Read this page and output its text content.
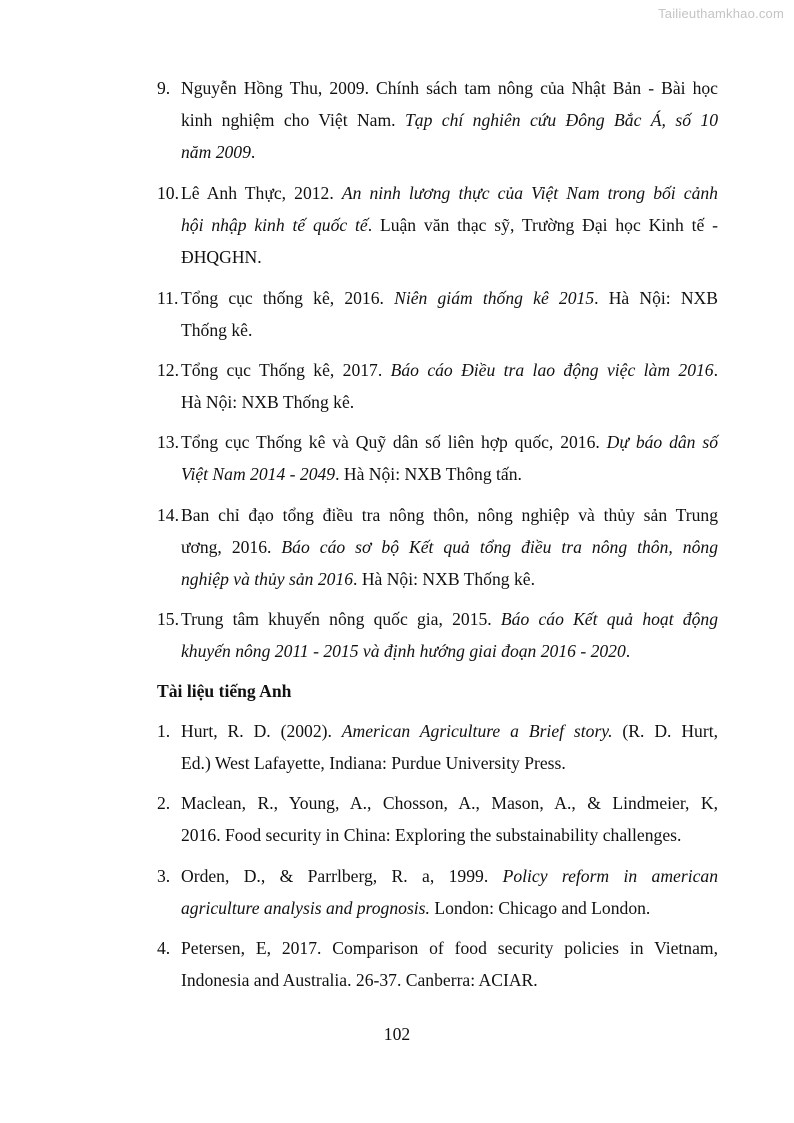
Tailieuthamkhao.com
9. Nguyễn Hồng Thu, 2009. Chính sách tam nông của Nhật Bản - Bài học
kinh nghiệm cho Việt Nam. Tạp chí nghiên cứu Đông Bắc Á, số 10
năm 2009.
10. Lê Anh Thực, 2012. An ninh lương thực của Việt Nam trong bối cảnh
hội nhập kinh tế quốc tế. Luận văn thạc sỹ, Trường Đại học Kinh tế -
ĐHQGHN.
11. Tổng cục thống kê, 2016. Niên giám thống kê 2015. Hà Nội: NXB
Thống kê.
12. Tổng cục Thống kê, 2017. Báo cáo Điều tra lao động việc làm 2016.
Hà Nội: NXB Thống kê.
13. Tổng cục Thống kê và Quỹ dân số liên hợp quốc, 2016. Dự báo dân số
Việt Nam 2014 - 2049. Hà Nội: NXB Thông tấn.
14. Ban chỉ đạo tổng điều tra nông thôn, nông nghiệp và thủy sản Trung
ương, 2016. Báo cáo sơ bộ Kết quả tổng điều tra nông thôn, nông
nghiệp và thủy sản 2016. Hà Nội: NXB Thống kê.
15. Trung tâm khuyến nông quốc gia, 2015. Báo cáo Kết quả hoạt động
khuyến nông 2011 - 2015 và định hướng giai đoạn 2016 - 2020.
Tài liệu tiếng Anh
1. Hurt, R. D. (2002). American Agriculture a Brief story. (R. D. Hurt,
Ed.) West Lafayette, Indiana: Purdue University Press.
2. Maclean, R., Young, A., Chosson, A., Mason, A., & Lindmeier, K,
2016. Food security in China: Exploring the substainability challenges.
3. Orden, D., & Parrlberg, R. a, 1999. Policy reform in american
agriculture analysis and prognosis. London: Chicago and London.
4. Petersen, E, 2017. Comparison of food security policies in Vietnam,
Indonesia and Australia. 26-37. Canberra: ACIAR.
102
